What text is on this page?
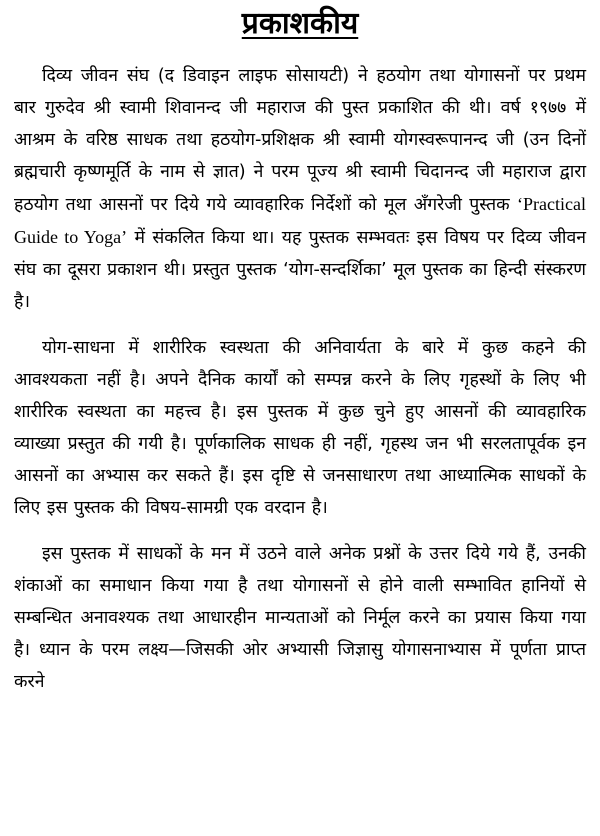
प्रकाशकीय

दिव्य जीवन संघ (द डिवाइन लाइफ सोसायटी) ने हठयोग तथा योगासनों पर प्रथम बार गुरुदेव श्री स्वामी शिवानन्द जी महाराज की पुस्त प्रकाशित की थी। वर्ष १९७७ में आश्रम के वरिष्ठ साधक तथा हठयोग-प्रशिक्षक श्री स्वामी योगस्वरूपानन्द जी (उन दिनों ब्रह्मचारी कृष्णमूर्ति के नाम से ज्ञात) ने परम पूज्य श्री स्वामी चिदानन्द जी महाराज द्वारा हठयोग तथा आसनों पर दिये गये व्यावहारिक निर्देशों को मूल अँगरेजी पुस्तक ‘Practical Guide to Yoga’ में संकलित किया था। यह पुस्तक सम्भवतः इस विषय पर दिव्य जीवन संघ का दूसरा प्रकाशन थी। प्रस्तुत पुस्तक ‘योग-सन्दर्शिका’ मूल पुस्तक का हिन्दी संस्करण है।

योग-साधना में शारीरिक स्वस्थता की अनिवार्यता के बारे में कुछ कहने की आवश्यकता नहीं है। अपने दैनिक कार्यों को सम्पन्न करने के लिए गृहस्थों के लिए भी शारीरिक स्वस्थता का महत्त्व है। इस पुस्तक में कुछ चुने हुए आसनों की व्यावहारिक व्याख्या प्रस्तुत की गयी है। पूर्णकालिक साधक ही नहीं, गृहस्थ जन भी सरलतापूर्वक इन आसनों का अभ्यास कर सकते हैं। इस दृष्टि से जनसाधारण तथा आध्यात्मिक साधकों के लिए इस पुस्तक की विषय-सामग्री एक वरदान है।

इस पुस्तक में साधकों के मन में उठने वाले अनेक प्रश्नों के उत्तर दिये गये हैं, उनकी शंकाओं का समाधान किया गया है तथा योगासनों से होने वाली सम्भावित हानियों से सम्बन्धित अनावश्यक तथा आधारहीन मान्यताओं को निर्मूल करने का प्रयास किया गया है। ध्यान के परम लक्ष्य—जिसकी ओर अभ्यासी जिज्ञासु योगासनाभ्यास में पूर्णता प्राप्त करने
